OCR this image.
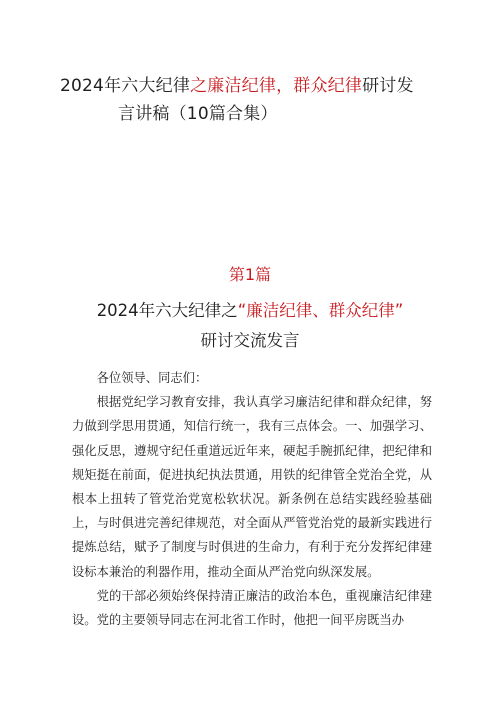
2024年六大纪律之廉洁纪律，群众纪律研讨发
言讲稿（10篇合集）
第1篇
2024年六大纪律之“廉洁纪律、群众纪律”
研讨交流发言

各位领导、同志们：

根据党纪学习教育安排，我认真学习廉洁纪律和群众纪律，努力做到学思用贯通，知信行统一，我有三点体会。一、加强学习、强化反思，遵规守纪任重道远近年来，硬起手腕抓纪律，把纪律和规矩挺在前面，促进执纪执法贯通，用铁的纪律管全党治全党，从根本上扭转了管党治党宽松软状况。新条例在总结实践经验基础上，与时俱进完善纪律规范，对全面从严管党治党的最新实践进行提炼总结，赋予了制度与时俱进的生命力，有利于充分发挥纪律建设标本兼治的利器作用，推动全面从严治党向纵深发展。

党的干部必须始终保持清正廉洁的政治本色，重视廉洁纪律建设。党的主要领导同志在河北省工作时，他把一间平房既当办
